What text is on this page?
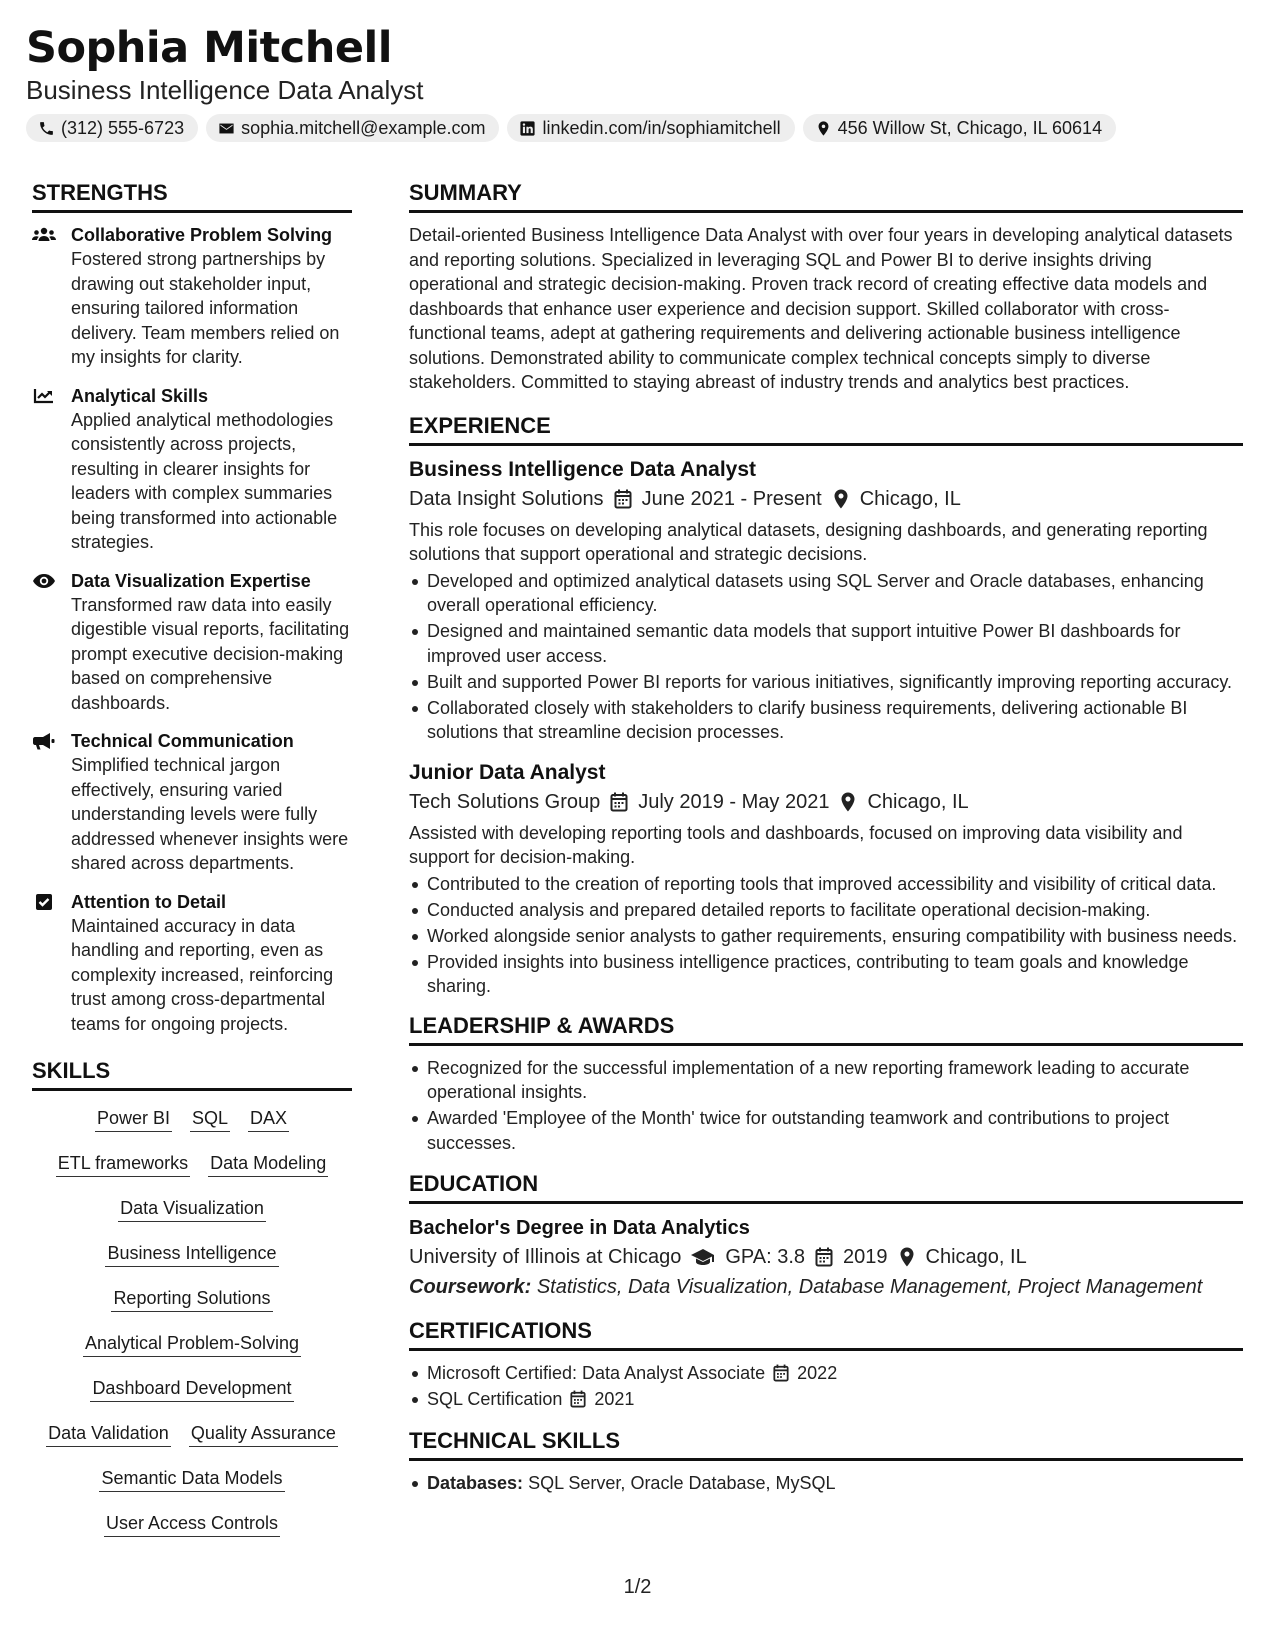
Sophia Mitchell
Business Intelligence Data Analyst
(312) 555-6723	sophia.mitchell@example.com	linkedin.com/in/sophiamitchell	456 Willow St, Chicago, IL 60614
STRENGTHS
Collaborative Problem Solving
Fostered strong partnerships by drawing out stakeholder input, ensuring tailored information delivery. Team members relied on my insights for clarity.
Analytical Skills
Applied analytical methodologies consistently across projects, resulting in clearer insights for leaders with complex summaries being transformed into actionable strategies.
Data Visualization Expertise
Transformed raw data into easily digestible visual reports, facilitating prompt executive decision-making based on comprehensive dashboards.
Technical Communication
Simplified technical jargon effectively, ensuring varied understanding levels were fully addressed whenever insights were shared across departments.
Attention to Detail
Maintained accuracy in data handling and reporting, even as complexity increased, reinforcing trust among cross-departmental teams for ongoing projects.
SKILLS
Power BI SQL DAX
ETL frameworks Data Modeling
Data Visualization
Business Intelligence
Reporting Solutions
Analytical Problem-Solving
Dashboard Development
Data Validation Quality Assurance
Semantic Data Models
User Access Controls
SUMMARY
Detail-oriented Business Intelligence Data Analyst with over four years in developing analytical datasets and reporting solutions. Specialized in leveraging SQL and Power BI to derive insights driving operational and strategic decision-making. Proven track record of creating effective data models and dashboards that enhance user experience and decision support. Skilled collaborator with cross-functional teams, adept at gathering requirements and delivering actionable business intelligence solutions. Demonstrated ability to communicate complex technical concepts simply to diverse stakeholders. Committed to staying abreast of industry trends and analytics best practices.
EXPERIENCE
Business Intelligence Data Analyst
Data Insight Solutions June 2021 - Present Chicago, IL
This role focuses on developing analytical datasets, designing dashboards, and generating reporting solutions that support operational and strategic decisions.
Developed and optimized analytical datasets using SQL Server and Oracle databases, enhancing overall operational efficiency.
Designed and maintained semantic data models that support intuitive Power BI dashboards for improved user access.
Built and supported Power BI reports for various initiatives, significantly improving reporting accuracy.
Collaborated closely with stakeholders to clarify business requirements, delivering actionable BI solutions that streamline decision processes.
Junior Data Analyst
Tech Solutions Group July 2019 - May 2021 Chicago, IL
Assisted with developing reporting tools and dashboards, focused on improving data visibility and support for decision-making.
Contributed to the creation of reporting tools that improved accessibility and visibility of critical data.
Conducted analysis and prepared detailed reports to facilitate operational decision-making.
Worked alongside senior analysts to gather requirements, ensuring compatibility with business needs.
Provided insights into business intelligence practices, contributing to team goals and knowledge sharing.
LEADERSHIP & AWARDS
Recognized for the successful implementation of a new reporting framework leading to accurate operational insights.
Awarded 'Employee of the Month' twice for outstanding teamwork and contributions to project successes.
EDUCATION
Bachelor's Degree in Data Analytics
University of Illinois at Chicago GPA: 3.8 2019 Chicago, IL
Coursework: Statistics, Data Visualization, Database Management, Project Management
CERTIFICATIONS
Microsoft Certified: Data Analyst Associate 2022
SQL Certification 2021
TECHNICAL SKILLS
Databases: SQL Server, Oracle Database, MySQL
1/2
